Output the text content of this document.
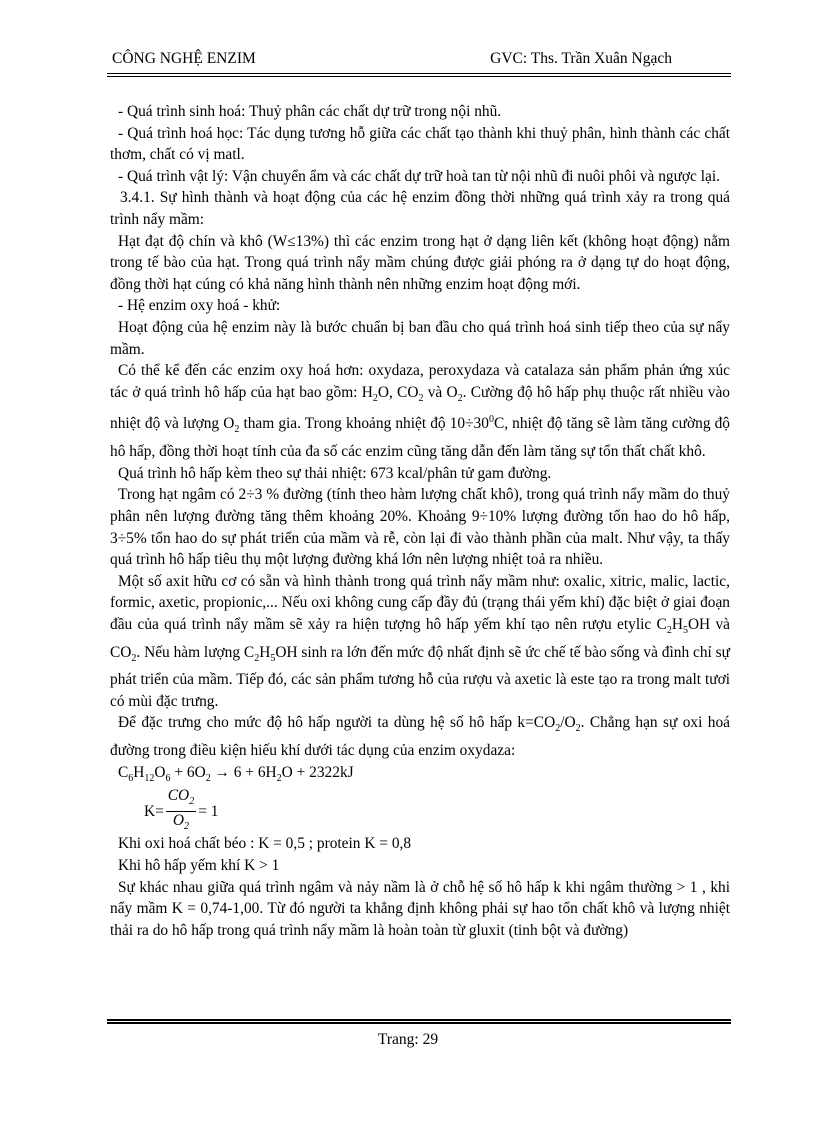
CÔNG NGHỆ ENZIM	GVC: Ths. Trần Xuân Ngạch

- Quá trình sinh hoá: Thuỷ phân các chất dự trữ trong nội nhũ.

- Quá trình hoá học: Tác dụng tương hỗ giữa các chất tạo thành khi thuỷ phân, hình thành các chất thơm, chất có vị matl.

- Quá trình vật lý: Vận chuyển ẩm và các chất dự trữ hoà tan từ nội nhũ đi nuôi phôi và ngược lại.

3.4.1. Sự hình thành và hoạt động của các hệ enzim đồng thời những quá trình xảy ra trong quá trình nẩy mầm:

Hạt đạt độ chín và khô (W≤13%) thì các enzim trong hạt ở dạng liên kết (không hoạt động) nằm trong tế bào của hạt. Trong quá trình nẩy mầm chúng được giải phóng ra ở dạng tự do hoạt động, đồng thời hạt cúng có khả năng hình thành nên những enzim hoạt động mới.

- Hệ enzim oxy hoá - khử:

Hoạt động của hệ enzim này là bước chuẩn bị ban đầu cho quá trình hoá sinh tiếp theo của sự nẩy mầm.

Có thể kể đến các enzim oxy hoá hơn: oxydaza, peroxydaza và catalaza sản phẩm phản ứng xúc tác ở quá trình hô hấp của hạt bao gồm: $H_2O$, $CO_2$ và $O_2$. Cường độ hô hấp phụ thuộc rất nhiều vào nhiệt độ và lượng $O_2$ tham gia. Trong khoảng nhiệt độ $10\div 30^0C$, nhiệt độ tăng sẽ làm tăng cường độ hô hấp, đồng thời hoạt tính của đa số các enzim cũng tăng dẫn đến làm tăng sự tổn thất chất khô.

Quá trình hô hấp kèm theo sự thải nhiệt: 673 kcal/phân tử gam đường.

Trong hạt ngâm có 2÷3 % đường (tính theo hàm lượng chất khô), trong quá trình nẩy mầm do thuỷ phân nên lượng đường tăng thêm khoảng 20%. Khoảng 9÷10% lượng đường tổn hao do hô hấp, 3÷5% tổn hao do sự phát triển của mầm và rễ, còn lại đi vào thành phần của malt. Như vậy, ta thấy quá trình hô hấp tiêu thụ một lượng đường khá lớn nên lượng nhiệt toả ra nhiều.

Một số axit hữu cơ có sẵn và hình thành trong quá trình nẩy mầm như: oxalic, xitric, malic, lactic, formic, axetic, propionic,... Nếu oxi không cung cấp đầy đủ (trạng thái yếm khí) đặc biệt ở giai đoạn đầu của quá trình nẩy mầm sẽ xảy ra hiện tượng hô hấp yếm khí tạo nên rượu etylic $C_2H_5OH$ và $CO_2$. Nếu hàm lượng $C_2H_5OH$ sinh ra lớn đến mức độ nhất định sẽ ức chế tế bào sống và đình chỉ sự phát triển của mầm. Tiếp đó, các sản phẩm tương hỗ của rượu và axetic là este tạo ra trong malt tươi có mùi đặc trưng.

Để đặc trưng cho mức độ hô hấp người ta dùng hệ số hô hấp $k=CO_2/O_2$. Chẳng hạn sự oxi hoá đường trong điều kiện hiếu khí dưới tác dụng của enzim oxydaza:

$C_6H_{12}O_6 + 6O_2 \to 6 + 6H_2O + 2322kJ$

$K= \frac{CO_2}{O_2} = 1$

Khi oxi hoá chất béo : K = 0,5 ; protein K = 0,8

Khi hô hấp yếm khí K > 1

Sự khác nhau giữa quá trình ngâm và nảy nầm là ở chỗ hệ số hô hấp k khi ngâm thường > 1 , khi nẩy mầm K = 0,74-1,00. Từ đó người ta khẳng định không phải sự hao tổn chất khô và lượng nhiệt thải ra do hô hấp trong quá trình nẩy mầm là hoàn toàn từ gluxit (tinh bột và đường)

Trang: 29
